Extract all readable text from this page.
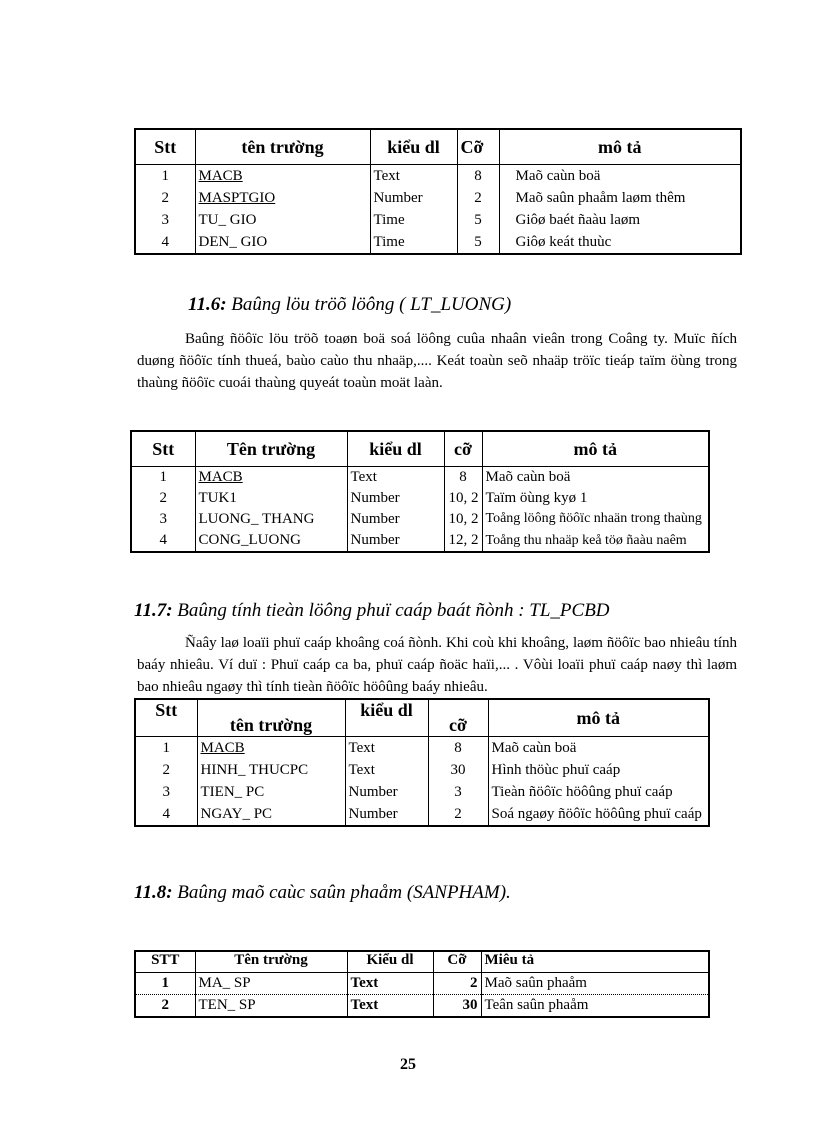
Stt	tên trường	kiểu dl	Cỡ	mô tả
1	MACB	Text	8	Maõ caùn boä
2	MASPTGIO	Number	2	Maõ saûn phaåm laøm thêm
3	TU_ GIO	Time	5	Giôø baét ñaàu laøm
4	DEN_ GIO	Time	5	Giôø keát thuùc
11.6: Baûng löu tröõ löông ( LT_LUONG)
Baûng ñöôïc löu tröõ toaøn boä soá löông cuûa nhaân vieân trong Coâng ty. Muïc ñích duøng ñöôïc tính thueá, baùo caùo thu nhaäp,.... Keát toaùn seõ nhaäp tröïc tieáp taïm öùng trong thaùng ñöôïc cuoái thaùng quyeát toaùn moät laàn.
Stt	Tên trường	kiểu dl	cỡ	mô tả
1	MACB	Text	8	Maõ caùn boä
2	TUK1	Number	10, 2	Taïm öùng kyø 1
3	LUONG_ THANG	Number	10, 2	Toång löông ñöôïc nhaän trong thaùng
4	CONG_LUONG	Number	12, 2	Toång thu nhaäp keå töø ñaàu naêm
11.7: Baûng tính tieàn löông phuï caáp baát ñònh : TL_PCBD
Ñaây laø loaïi phuï caáp khoâng coá ñònh. Khi coù khi khoâng, laøm ñöôïc bao nhieâu tính baáy nhieâu. Ví duï : Phuï caáp ca ba, phuï caáp ñoäc haïi,... . Vôùi loaïi phuï caáp naøy thì laøm bao nhieâu ngaøy thì tính tieàn ñöôïc höôûng baáy nhieâu.
Stt	tên trường	kiểu dl	cỡ	mô tả
1	MACB	Text	8	Maõ caùn boä
2	HINH_ THUCPC	Text	30	Hình thöùc phuï caáp
3	TIEN_ PC	Number	3	Tieàn ñöôïc höôûng phuï caáp
4	NGAY_ PC	Number	2	Soá ngaøy ñöôïc höôûng phuï caáp
11.8: Baûng maõ caùc saûn phaåm (SANPHAM).
STT	Tên trường	Kiểu dl	Cỡ	Miêu tả
1	MA_ SP	Text	2	Maõ saûn phaåm
2	TEN_ SP	Text	30	Teân saûn phaåm
25
